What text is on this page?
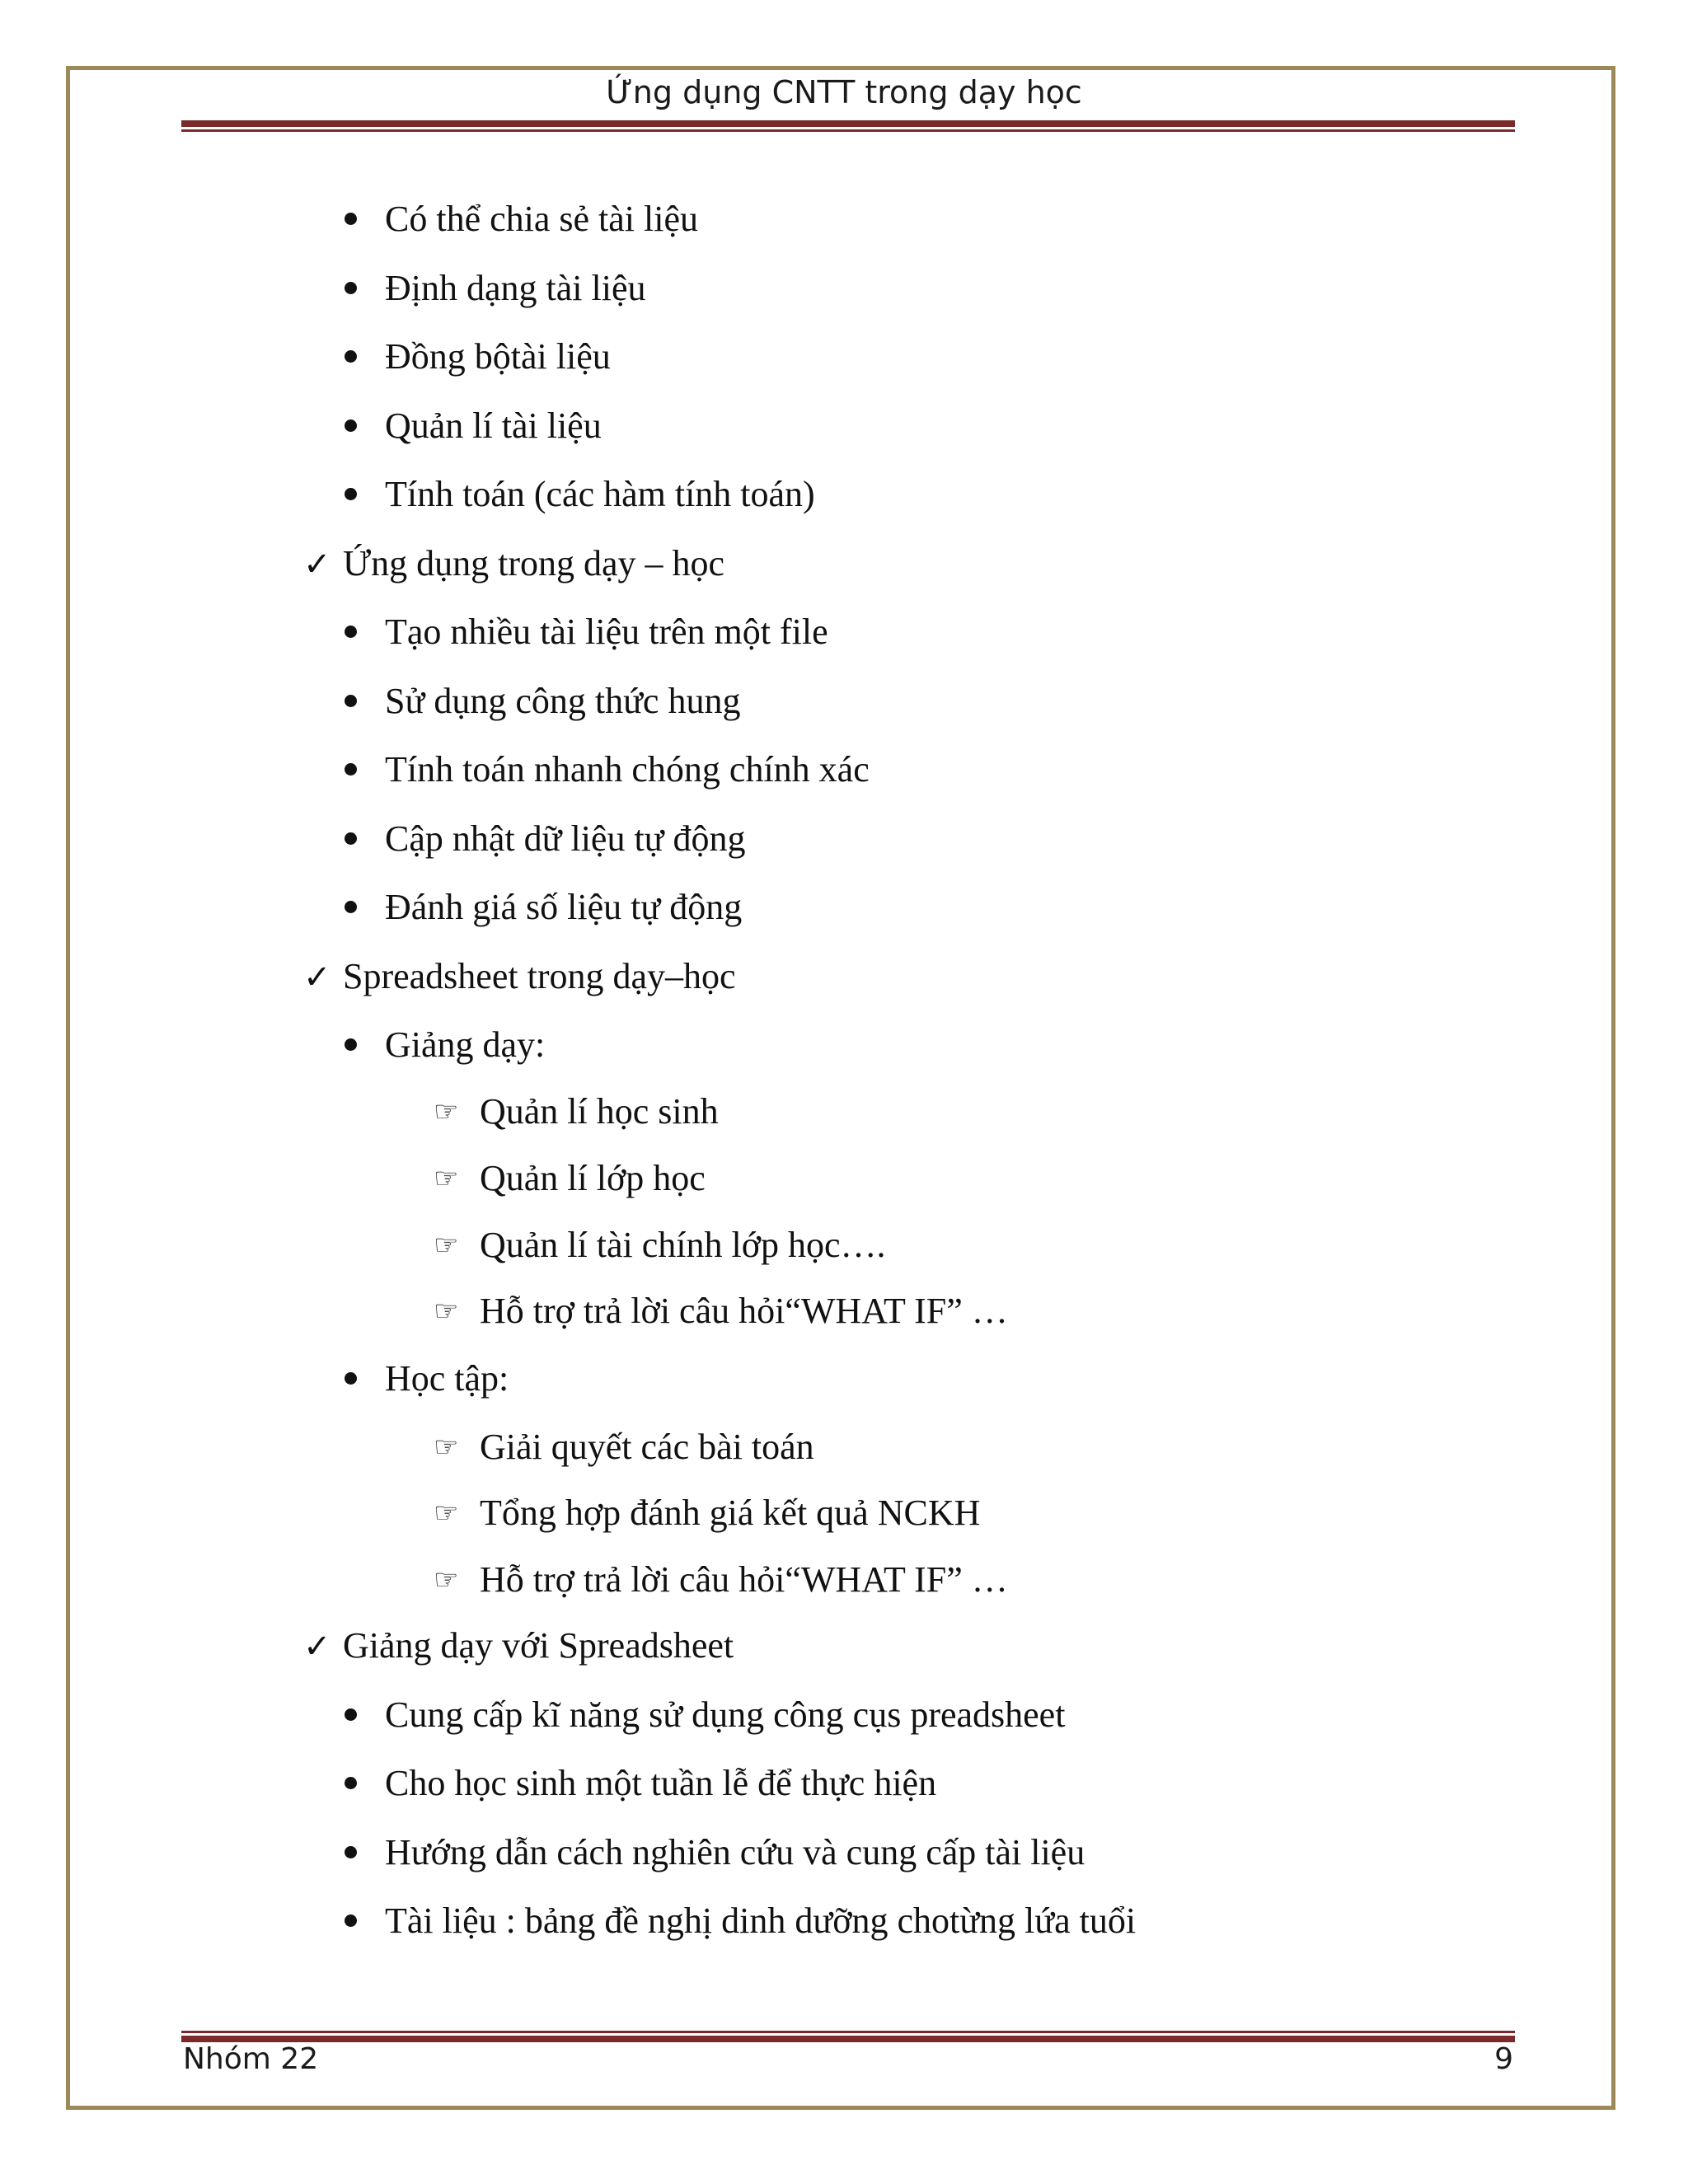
Ứng dụng CNTT trong dạy học
Có thể chia sẻ tài liệu
Định dạng tài liệu
Đồng bộtài liệu
Quản lí tài liệu
Tính toán (các hàm tính toán)
✓ Ứng dụng trong dạy – học
Tạo nhiều tài liệu trên một file
Sử dụng công thức hung
Tính toán nhanh chóng chính xác
Cập nhật dữ liệu tự động
Đánh giá số liệu tự động
✓ Spreadsheet trong dạy–học
Giảng dạy:
☞ Quản lí học sinh
☞ Quản lí lớp học
☞ Quản lí tài chính lớp học….
☞ Hỗ trợ trả lời câu hỏi“WHAT IF” …
Học tập:
☞ Giải quyết các bài toán
☞ Tổng hợp đánh giá kết quả NCKH
☞ Hỗ trợ trả lời câu hỏi“WHAT IF” …
✓ Giảng dạy với Spreadsheet
Cung cấp kĩ năng sử dụng công cụs preadsheet
Cho học sinh một tuần lễ để thực hiện
Hướng dẫn cách nghiên cứu và cung cấp tài liệu
Tài liệu : bảng đề nghị dinh dưỡng chotừng lứa tuổi
Nhóm 22	9
